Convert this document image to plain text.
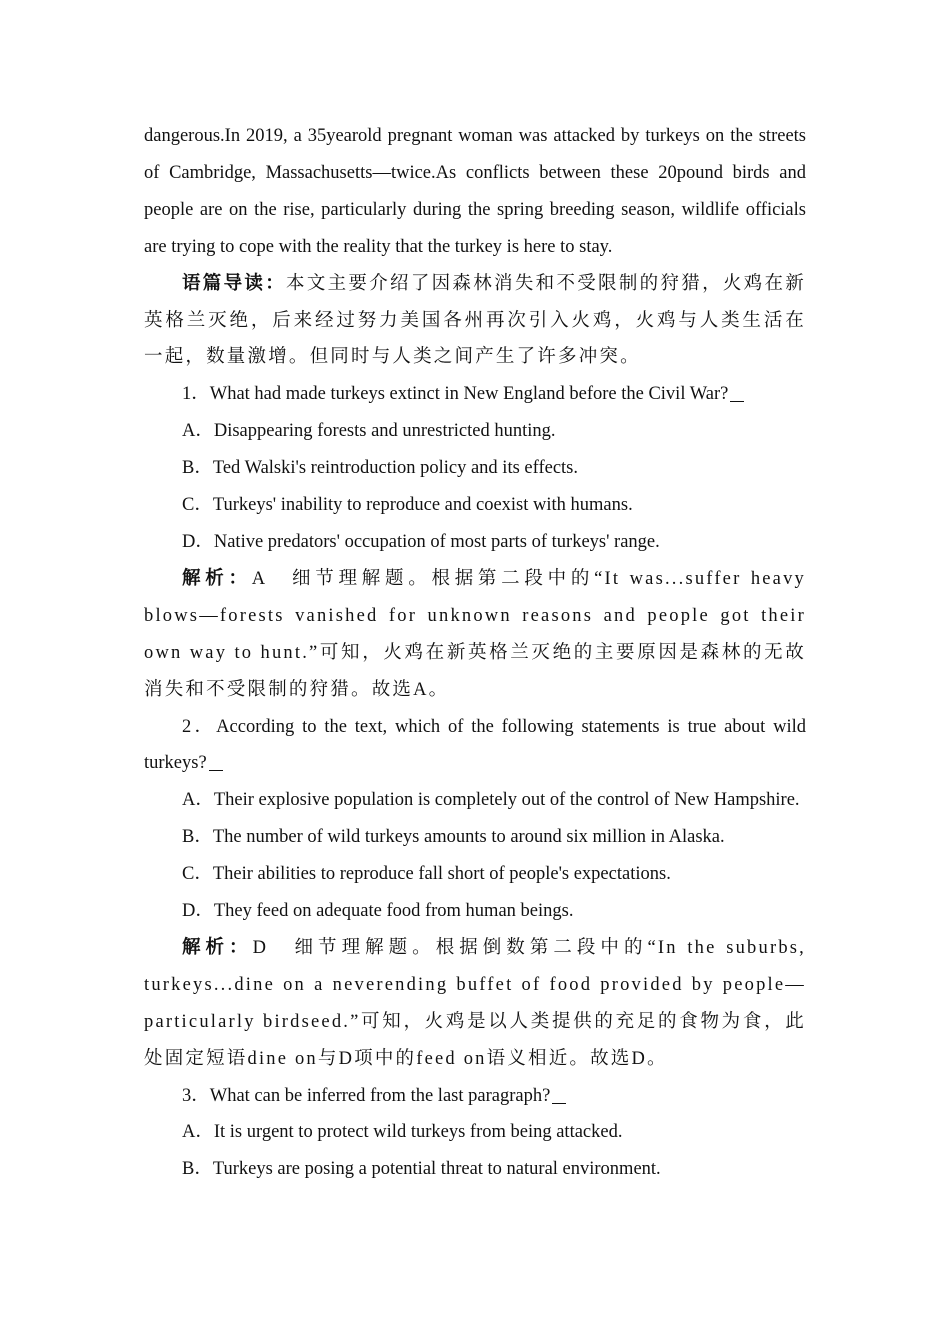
dangerous.In 2019, a 35yearold pregnant woman was attacked by turkeys on the streets of Cambridge, Massachusetts—twice.As conflicts between these 20pound birds and people are on the rise, particularly during the spring breeding season, wildlife officials are trying to cope with the reality that the turkey is here to stay.

语篇导读：本文主要介绍了因森林消失和不受限制的狩猎，火鸡在新英格兰灭绝，后来经过努力美国各州再次引入火鸡，火鸡与人类生活在一起，数量激增。但同时与人类之间产生了许多冲突。

1．What had made turkeys extinct in New England before the Civil War?

A．Disappearing forests and unrestricted hunting.

B．Ted Walski's reintroduction policy and its effects.

C．Turkeys' inability to reproduce and coexist with humans.

D．Native predators' occupation of most parts of turkeys' range.

解析：A　细节理解题。根据第二段中的“It was...suffer heavy blows—forests vanished for unknown reasons and people got their own way to hunt.”可知，火鸡在新英格兰灭绝的主要原因是森林的无故消失和不受限制的狩猎。故选A。

2．According to the text, which of the following statements is true about wild turkeys?

A．Their explosive population is completely out of the control of New Hampshire.

B．The number of wild turkeys amounts to around six million in Alaska.

C．Their abilities to reproduce fall short of people's expectations.

D．They feed on adequate food from human beings.

解析：D　细节理解题。根据倒数第二段中的“In the suburbs, turkeys...dine on a neverending buffet of food provided by people—particularly birdseed.”可知，火鸡是以人类提供的充足的食物为食，此处固定短语dine on与D项中的feed on语义相近。故选D。

3．What can be inferred from the last paragraph?

A．It is urgent to protect wild turkeys from being attacked.

B．Turkeys are posing a potential threat to natural environment.
